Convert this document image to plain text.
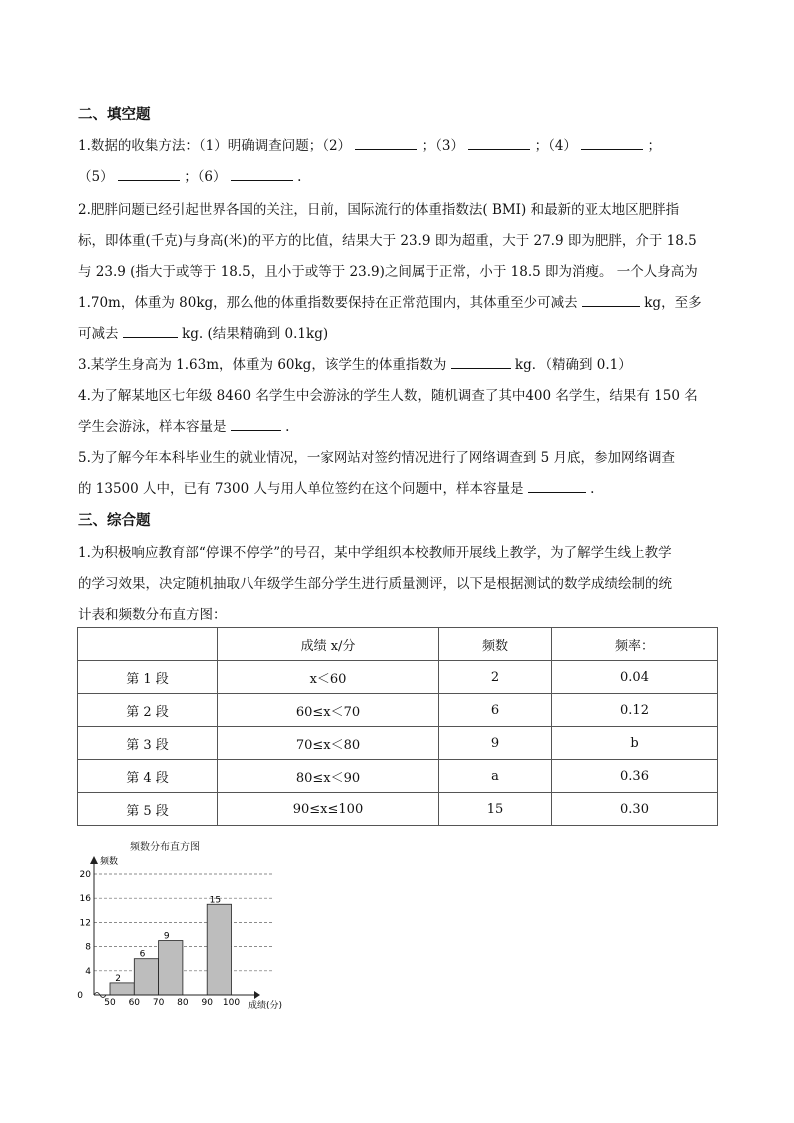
二、填空题
1.数据的收集方法：（1）明确调查问题；（2）	；（3）	；（4）	；
（5）	；（6）	.
2.肥胖问题已经引起世界各国的关注，日前，国际流行的体重指数法( BMI) 和最新的亚太地区肥胖指
标，即体重(千克)与身高(米)的平方的比值，结果大于 23.9 即为超重，大于 27.9 即为肥胖，介于 18.5
与 23.9 (指大于或等于 18.5，且小于或等于 23.9)之间属于正常，小于 18.5 即为消瘦。 一个人身高为
1.70m，体重为 80kg，那么他的体重指数要保持在正常范围内，其体重至少可减去	kg，至多
可减去	kg. (结果精确到 0.1kg)
3.某学生身高为 1.63m，体重为 60kg，该学生的体重指数为	kg．（精确到 0.1）
4.为了解某地区七年级 8460 名学生中会游泳的学生人数，随机调查了其中400 名学生，结果有 150 名
学生会游泳，样本容量是	.
5.为了解今年本科毕业生的就业情况，一家网站对签约情况进行了网络调查到 5 月底，参加网络调查
的 13500 人中，已有 7300 人与用人单位签约在这个问题中，样本容量是	.
三、综合题
1.为积极响应教育部“停课不停学”的号召，某中学组织本校教师开展线上教学，为了解学生线上教学
的学习效果，决定随机抽取八年级学生部分学生进行质量测评，以下是根据测试的数学成绩绘制的统
计表和频数分布直方图：
	成绩 x/分	频数	频率：
第 1 段	x＜60	2	0.04
第 2 段	60≤x＜70	6	0.12
第 3 段	70≤x＜80	9	b
第 4 段	80≤x＜90	a	0.36
第 5 段	90≤x≤100	15	0.30
频数分布直方图
2
6
9
15
0
4
8
12
16
20
50 60 70 80 90 100
频数
成绩(分)
